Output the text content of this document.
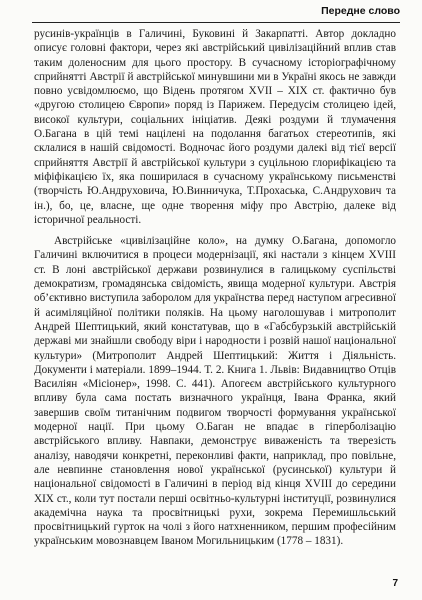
Передне слово

русинів-українців в Галичині, Буковині й Закарпатті. Автор докладно описує головні фактори, через які австрійський цивілізаційний вплив став таким доленосним для цього простору. В сучасному історіографічному сприйнятті Австрії й австрійської минувшини ми в Україні якось не завжди повно усвідомлюємо, що Відень протягом XVII – XIX ст. фактично був «другою столицею Європи» поряд із Парижем. Передусім столицею ідей, високої культури, соціальних ініціатив. Деякі роздуми й тлумачення О.Багана в цій темі націлені на подолання багатьох стереотипів, які склалися в нашій свідомості. Водночас його роздуми далекі від тієї версії сприйняття Австрії й австрійської культури з суцільною глорифікацією та міфіфікацією їх, яка поширилася в сучасному українському письменстві (творчість Ю.Андруховича, Ю.Винничука, Т.Прохаська, С.Андрухович та ін.), бо, це, власне, ще одне творення міфу про Австрію, далеке від історичної реальності.

Австрійське «цивілізаційне коло», на думку О.Багана, допомогло Галичині включитися в процеси модернізації, які настали з кінцем XVIII ст. В лоні австрійської держави розвинулися в галицькому суспільстві демократизм, громадянська свідомість, явища модерної культури. Австрія об’єктивно виступила заборолом для українства перед наступом агресивної й асиміляційної політики поляків. На цьому наголошував і митрополит Андрей Шептицький, який констатував, що в «Габсбурзькій австрійській державі ми знайшли свободу віри і народности і розвій нашої національної культури» (Митрополит Андрей Шептицький: Життя і Діяльність. Документи і матеріали. 1899–1944. Т. 2. Книга 1. Львів: Видавництво Отців Василіян «Місіонер», 1998. С. 441). Апогеєм австрійського культурного впливу була сама постать визначного українця, Івана Франка, який завершив своїм титанічним подвигом творчості формування української модерної нації. При цьому О.Баган не впадає в гіперболізацію австрійського впливу. Навпаки, демонструє виваженість та тверезість аналізу, наводячи конкретні, переконливі факти, наприклад, про повільне, але невпинне становлення нової української (русинської) культури й національної свідомості в Галичині в період від кінця XVIII до середини XIX ст., коли тут постали перші освітньо-культурні інституції, розвинулися академічна наука та просвітницькі рухи, зокрема Перемишльський просвітницький гурток на чолі з його натхненником, першим професійним українським мовознавцем Іваном Могильницьким (1778 – 1831).

7
